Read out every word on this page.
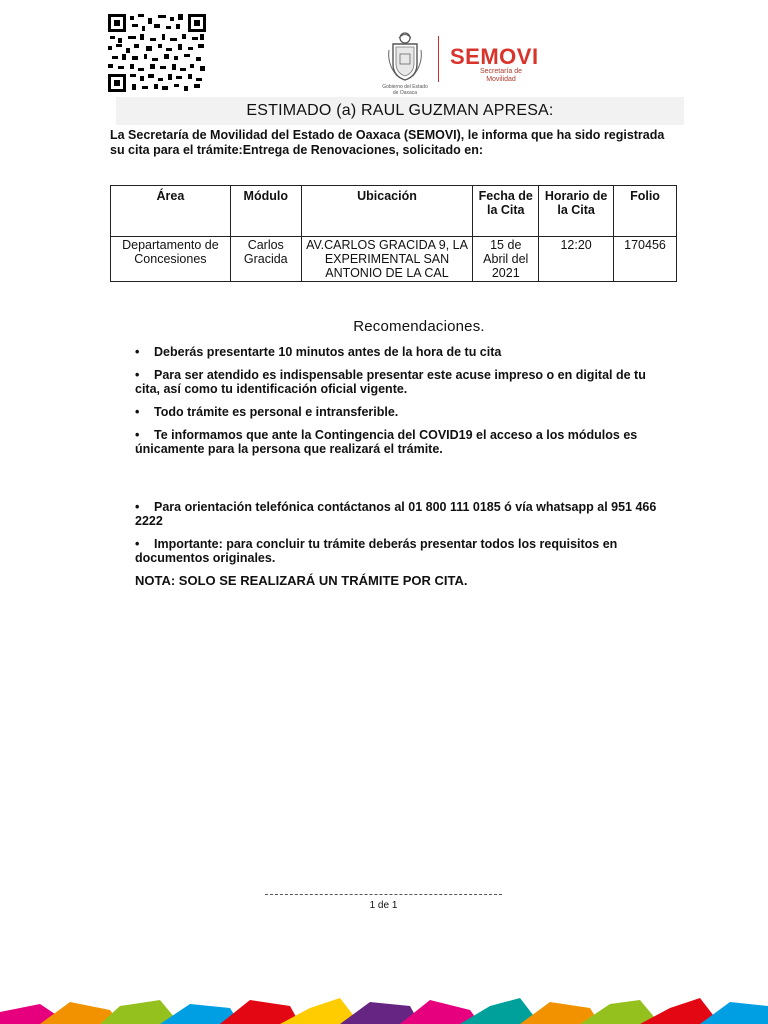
Gobierno del Estado de Oaxaca
SEMOVI
Secretaría de Movilidad
ESTIMADO (a) RAUL GUZMAN APRESA:
La Secretaría de Movilidad del Estado de Oaxaca (SEMOVI), le informa que ha sido registrada su cita para el trámite:Entrega de Renovaciones, solicitado en:
Área	Módulo	Ubicación	Fecha de la Cita	Horario de la Cita	Folio
Departamento de Concesiones	Carlos Gracida	AV.CARLOS GRACIDA 9, LA EXPERIMENTAL SAN ANTONIO DE LA CAL	15 de Abril del 2021	12:20	170456
Recomendaciones.
• Deberás presentarte 10 minutos antes de la hora de tu cita
• Para ser atendido es indispensable presentar este acuse impreso o en digital de tu cita, así como tu identificación oficial vigente.
• Todo trámite es personal e intransferible.
• Te informamos que ante la Contingencia del COVID19 el acceso a los módulos es únicamente para la persona que realizará el trámite.
• Para orientación telefónica contáctanos al 01 800 111 0185 ó vía whatsapp al 951 466 2222
• Importante: para concluir tu trámite deberás presentar todos los requisitos en documentos originales.
NOTA: SOLO SE REALIZARÁ UN TRÁMITE POR CITA.
1 de 1
